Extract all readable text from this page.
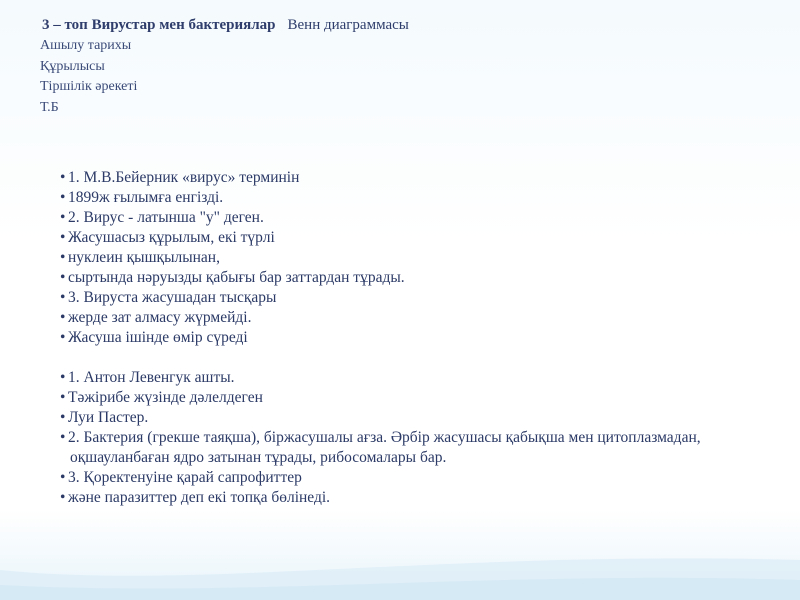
3 – топ Вирустар мен бактериялар Венн диаграммасы
Ашылу тарихы
Құрылысы
Тіршілік әрекеті
Т.Б
• 1. М.В.Бейерник «вирус» терминін
• 1899ж ғылымға енгізді.
• 2. Вирус - латынша "у" деген.
• Жасушасыз құрылым, екі түрлі
• нуклеин қышқылынан,
• сыртында нәруызды қабығы бар заттардан тұрады.
• 3. Вируста жасушадан тысқары
• жерде зат алмасу жүрмейді.
• Жасуша ішінде өмір сүреді
• 1. Антон Левенгук ашты.
• Тәжірибе жүзінде дәлелдеген
• Луи Пастер.
• 2. Бактерия (грекше таяқша), біржасушалы ағза. Әрбір жасушасы қабықша мен цитоплазмадан, оқшауланбаған ядро затынан тұрады, рибосомалары бар.
• 3. Қоректенуіне қарай сапрофиттер
• және паразиттер деп екі топқа бөлінеді.
